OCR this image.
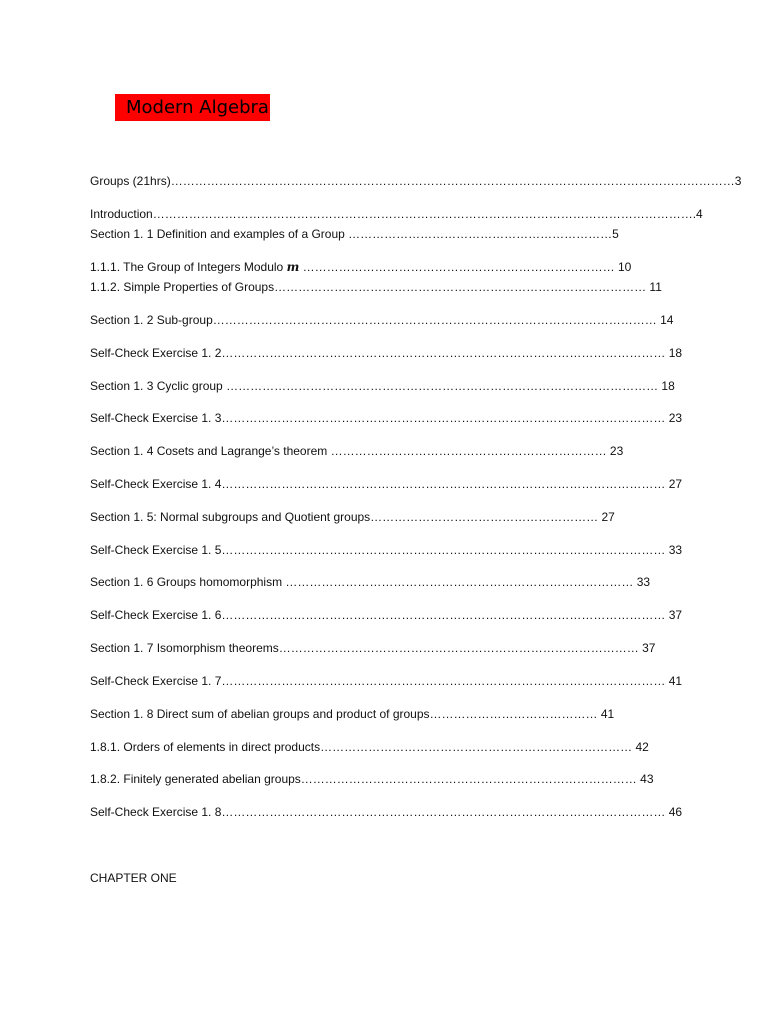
Modern Algebra
Groups (21hrs)……………………………………………………………………………………………………………………………3
Introduction……………………………………………………………………………………………………………………….4
Section 1. 1 Definition and examples of a Group …………………………………………………………5
1.1.1. The Group of Integers Modulo m …………………………………………………………………… 10
1.1.2. Simple Properties of Groups………………………………………………………………………………… 11
Section 1. 2 Sub-group………………………………………………………………………………………………… 14
Self-Check Exercise 1. 2………………………………………………………………………………………………… 18
Section 1. 3 Cyclic group ……………………………………………………………………………………………… 18
Self-Check Exercise 1. 3………………………………………………………………………………………………… 23
Section 1. 4 Cosets and Lagrange’s theorem …………………………………………………………… 23
Self-Check Exercise 1. 4………………………………………………………………………………………………… 27
Section 1. 5: Normal subgroups and Quotient groups………………………………………………… 27
Self-Check Exercise 1. 5………………………………………………………………………………………………… 33
Section 1. 6 Groups homomorphism …………………………………………………………………………… 33
Self-Check Exercise 1. 6………………………………………………………………………………………………… 37
Section 1. 7 Isomorphism theorems……………………………………………………………………………… 37
Self-Check Exercise 1. 7………………………………………………………………………………………………… 41
Section 1. 8 Direct sum of abelian groups and product of groups…………………………………… 41
1.8.1. Orders of elements in direct products…………………………………………………………………… 42
1.8.2. Finitely generated abelian groups………………………………………………………………………… 43
Self-Check Exercise 1. 8………………………………………………………………………………………………… 46
CHAPTER ONE
